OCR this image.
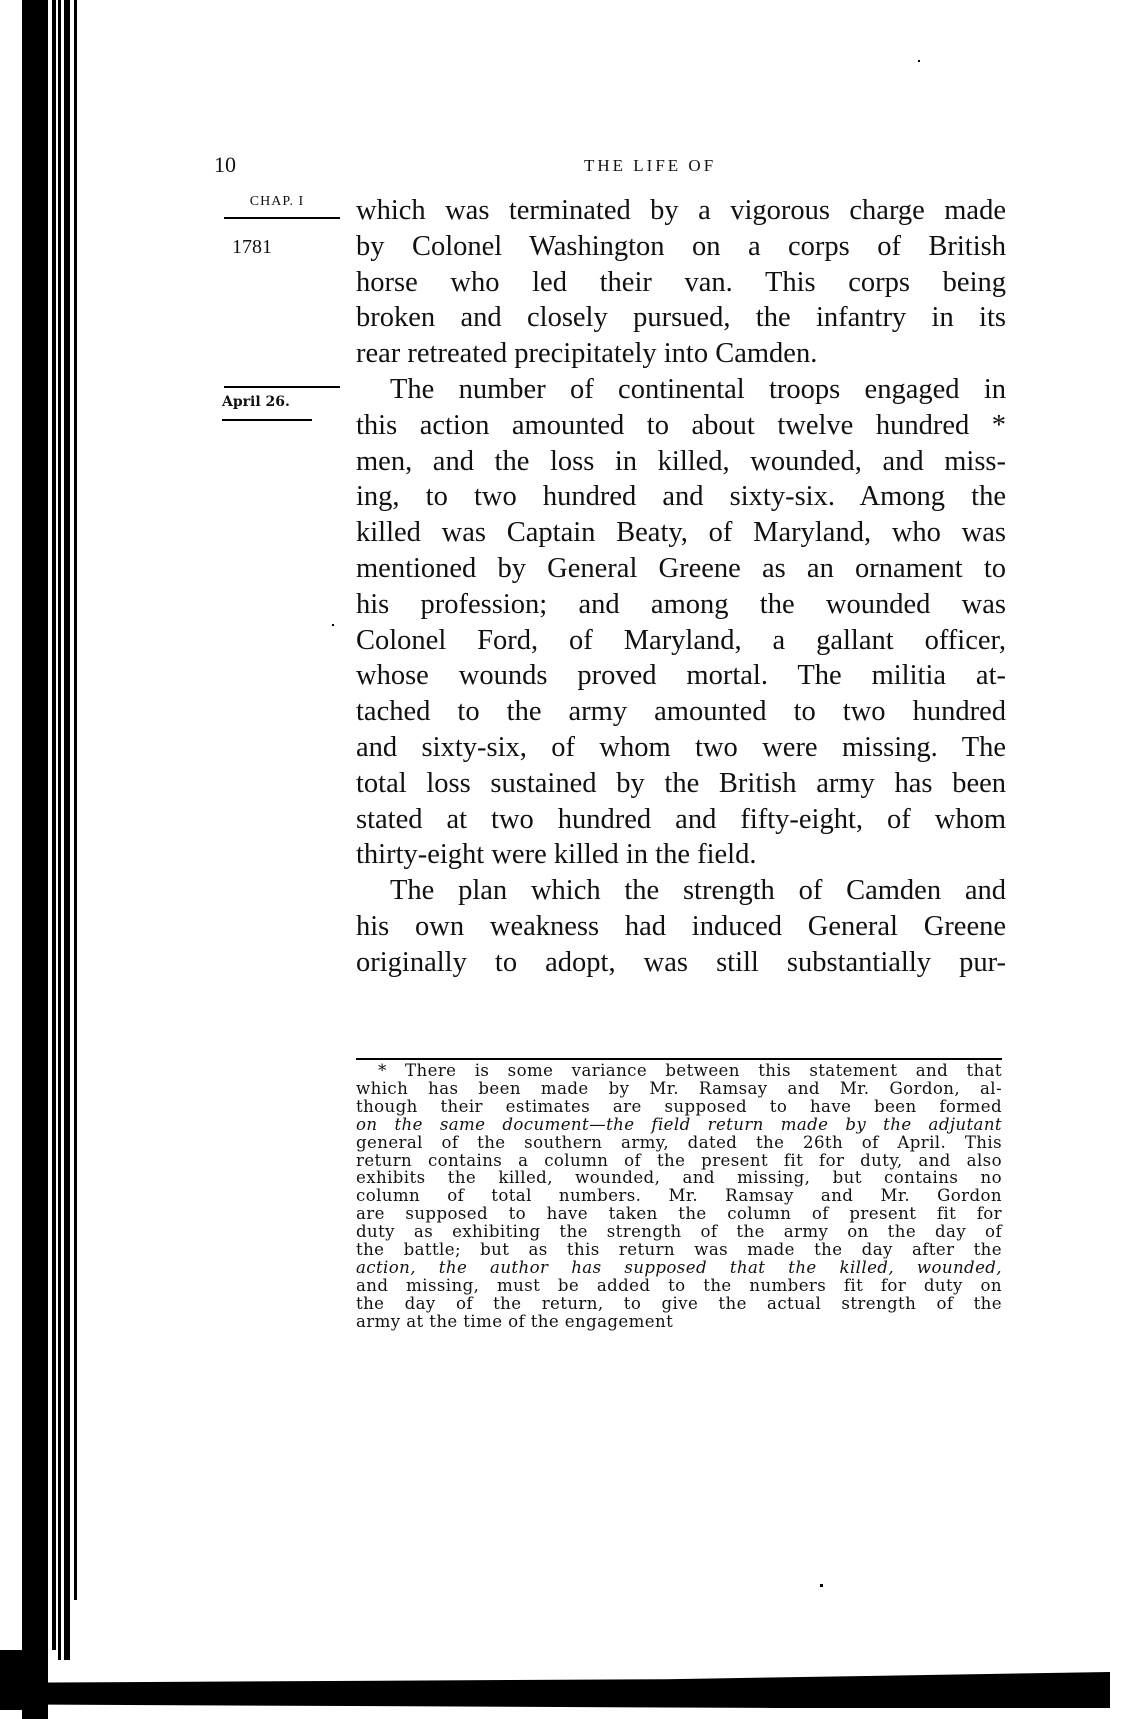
10	THE LIFE OF
CHAP. I
1781
April 26.
which was terminated by a vigorous charge made
by Colonel Washington on a corps of British
horse who led their van. This corps being
broken and closely pursued, the infantry in its
rear retreated precipitately into Camden.
The number of continental troops engaged in
this action amounted to about twelve hundred *
men, and the loss in killed, wounded, and miss-
ing, to two hundred and sixty-six. Among the
killed was Captain Beaty, of Maryland, who was
mentioned by General Greene as an ornament to
his profession; and among the wounded was
Colonel Ford, of Maryland, a gallant officer,
whose wounds proved mortal. The militia at-
tached to the army amounted to two hundred
and sixty-six, of whom two were missing. The
total loss sustained by the British army has been
stated at two hundred and fifty-eight, of whom
thirty-eight were killed in the field.
The plan which the strength of Camden and
his own weakness had induced General Greene
originally to adopt, was still substantially pur-
* There is some variance between this statement and that
which has been made by Mr. Ramsay and Mr. Gordon, al-
though their estimates are supposed to have been formed
on the same document—the field return made by the adjutant
general of the southern army, dated the 26th of April. This
return contains a column of the present fit for duty, and also
exhibits the killed, wounded, and missing, but contains no
column of total numbers. Mr. Ramsay and Mr. Gordon
are supposed to have taken the column of present fit for
duty as exhibiting the strength of the army on the day of
the battle; but as this return was made the day after the
action, the author has supposed that the killed, wounded,
and missing, must be added to the numbers fit for duty on
the day of the return, to give the actual strength of the
army at the time of the engagement
